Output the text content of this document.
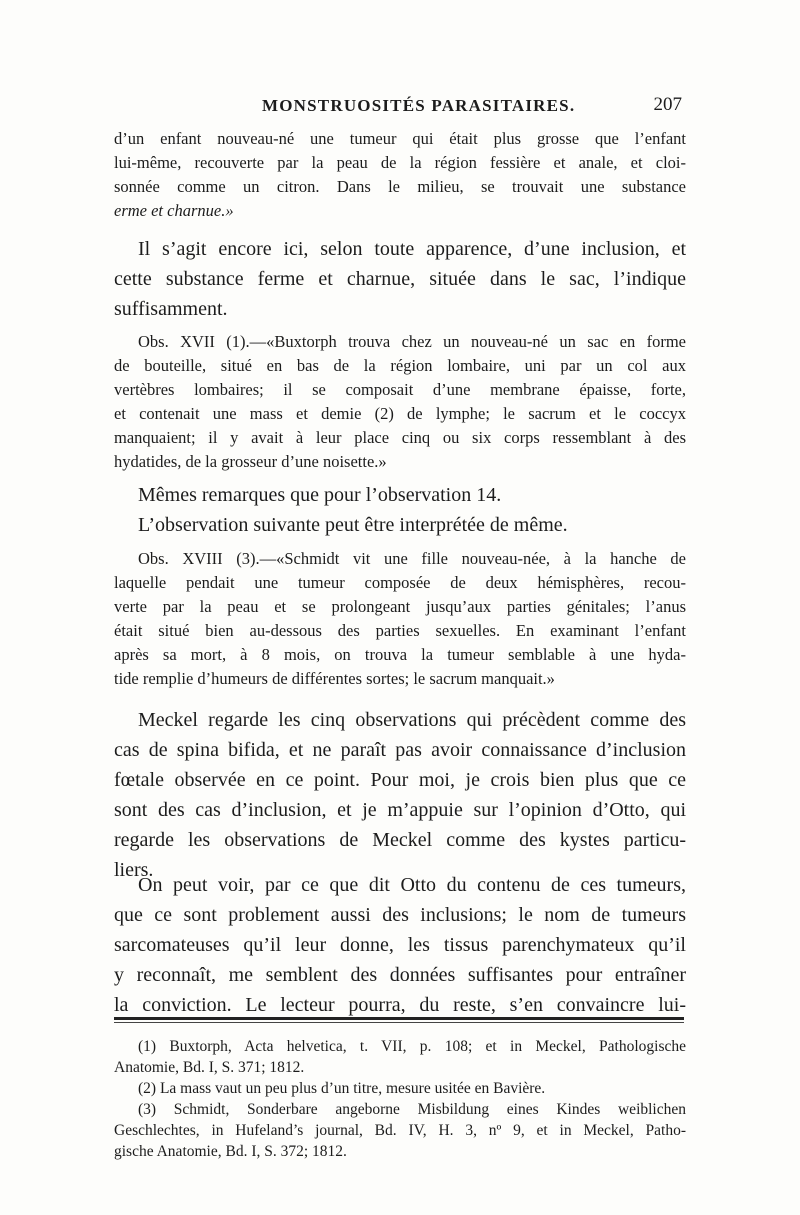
MONSTRUOSITÉS PARASITAIRES.	207
d’un enfant nouveau-né une tumeur qui était plus grosse que l’enfant
lui-même, recouverte par la peau de la région fessière et anale, et cloi-
sonnée comme un citron. Dans le milieu, se trouvait une substance
erme et charnue.»
Il s’agit encore ici, selon toute apparence, d’une inclusion, et
cette substance ferme et charnue, située dans le sac, l’indique
suffisamment.
Obs. XVII (1).—«Buxtorph trouva chez un nouveau-né un sac en forme
de bouteille, situé en bas de la région lombaire, uni par un col aux
vertèbres lombaires; il se composait d’une membrane épaisse, forte,
et contenait une mass et demie (2) de lymphe; le sacrum et le coccyx
manquaient; il y avait à leur place cinq ou six corps ressemblant à des
hydatides, de la grosseur d’une noisette.»
Mêmes remarques que pour l’observation 14.
L’observation suivante peut être interprétée de même.
Obs. XVIII (3).—«Schmidt vit une fille nouveau-née, à la hanche de
laquelle pendait une tumeur composée de deux hémisphères, recou-
verte par la peau et se prolongeant jusqu’aux parties génitales; l’anus
était situé bien au-dessous des parties sexuelles. En examinant l’enfant
après sa mort, à 8 mois, on trouva la tumeur semblable à une hyda-
tide remplie d’humeurs de différentes sortes; le sacrum manquait.»
Meckel regarde les cinq observations qui précèdent comme des
cas de spina bifida, et ne paraît pas avoir connaissance d’inclusion
fœtale observée en ce point. Pour moi, je crois bien plus que ce
sont des cas d’inclusion, et je m’appuie sur l’opinion d’Otto, qui
regarde les observations de Meckel comme des kystes particu-
liers.
On peut voir, par ce que dit Otto du contenu de ces tumeurs,
que ce sont problement aussi des inclusions; le nom de tumeurs
sarcomateuses qu’il leur donne, les tissus parenchymateux qu’il
y reconnaît, me semblent des données suffisantes pour entraîner
la conviction. Le lecteur pourra, du reste, s’en convaincre lui-
(1) Buxtorph, Acta helvetica, t. VII, p. 108; et in Meckel, Pathologische
Anatomie, Bd. I, S. 371; 1812.
(2) La mass vaut un peu plus d’un titre, mesure usitée en Bavière.
(3) Schmidt, Sonderbare angeborne Misbildung eines Kindes weiblichen
Geschlechtes, in Hufeland’s journal, Bd. IV, H. 3, nº 9, et in Meckel, Patho-
gische Anatomie, Bd. I, S. 372; 1812.
